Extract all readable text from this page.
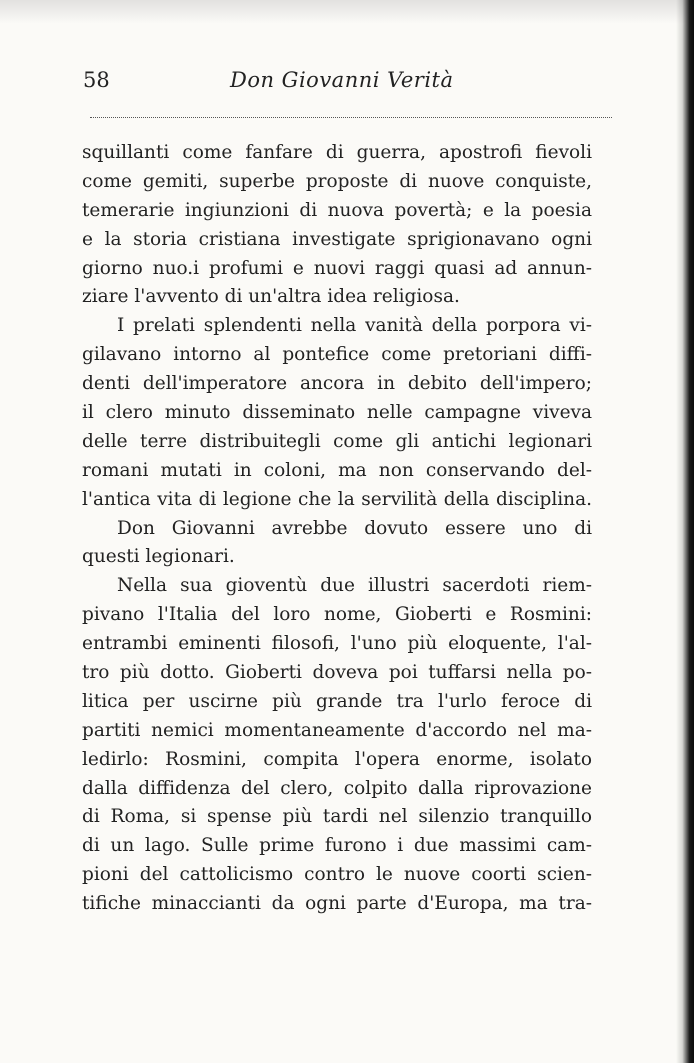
58	Don Giovanni Verità
squillanti come fanfare di guerra, apostrofi fievoli
come gemiti, superbe proposte di nuove conquiste,
temerarie ingiunzioni di nuova povertà; e la poesia
e la storia cristiana investigate sprigionavano ogni
giorno nuo.i profumi e nuovi raggi quasi ad annun-
ziare l'avvento di un'altra idea religiosa.
I prelati splendenti nella vanità della porpora vi-
gilavano intorno al pontefice come pretoriani diffi-
denti dell'imperatore ancora in debito dell'impero;
il clero minuto disseminato nelle campagne viveva
delle terre distribuitegli come gli antichi legionari
romani mutati in coloni, ma non conservando del-
l'antica vita di legione che la servilità della disciplina.
Don Giovanni avrebbe dovuto essere uno di
questi legionari.
Nella sua gioventù due illustri sacerdoti riem-
pivano l'Italia del loro nome, Gioberti e Rosmini:
entrambi eminenti filosofi, l'uno più eloquente, l'al-
tro più dotto. Gioberti doveva poi tuffarsi nella po-
litica per uscirne più grande tra l'urlo feroce di
partiti nemici momentaneamente d'accordo nel ma-
ledirlo: Rosmini, compita l'opera enorme, isolato
dalla diffidenza del clero, colpito dalla riprovazione
di Roma, si spense più tardi nel silenzio tranquillo
di un lago. Sulle prime furono i due massimi cam-
pioni del cattolicismo contro le nuove coorti scien-
tifiche minaccianti da ogni parte d'Europa, ma tra-
